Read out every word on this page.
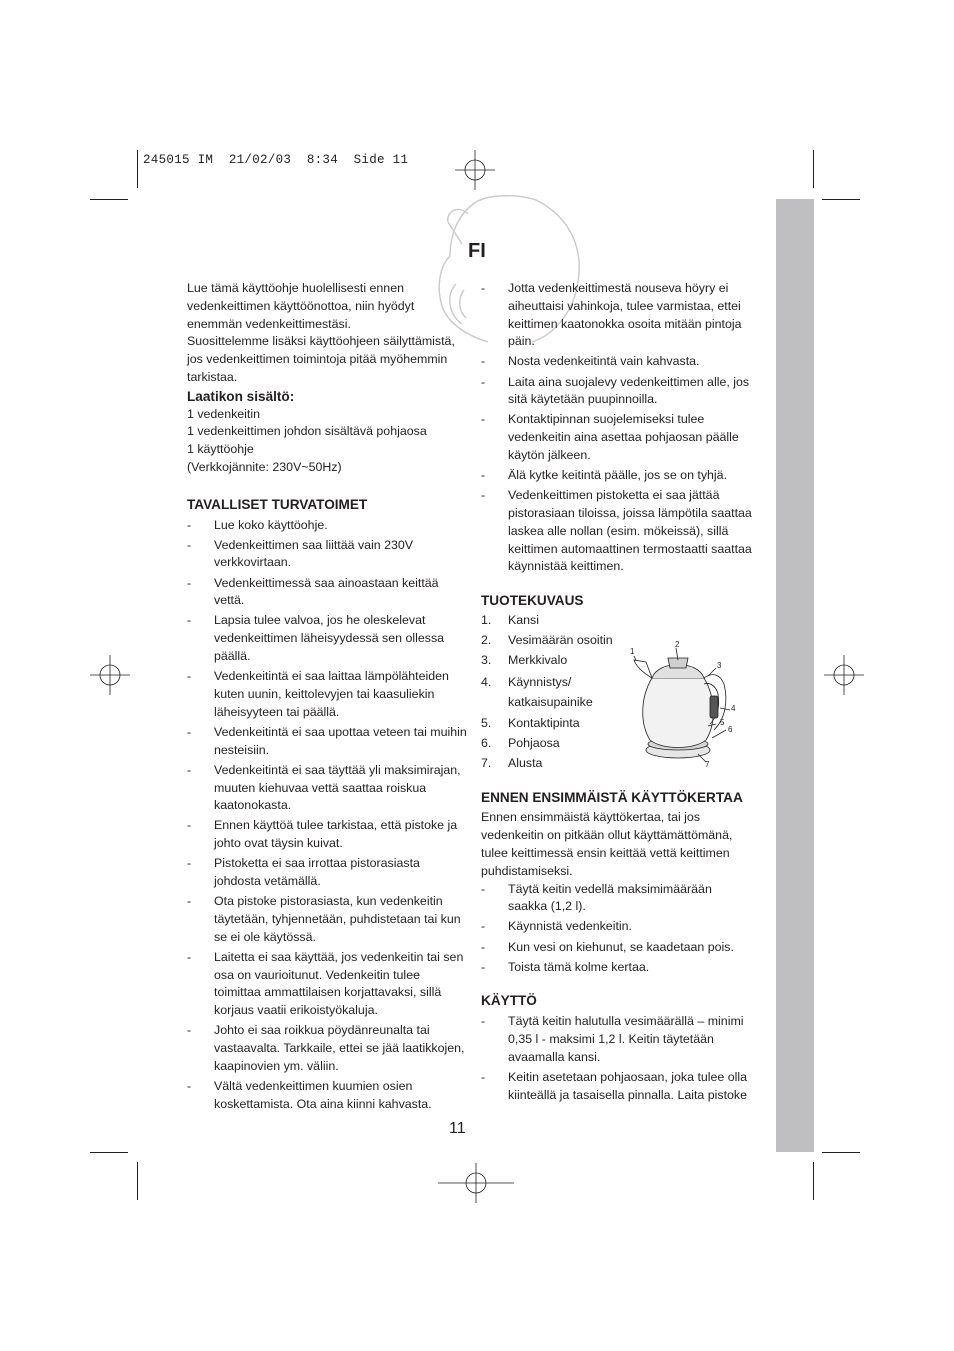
245015 IM  21/02/03  8:34  Side 11
FI

Lue tämä käyttöohje huolellisesti ennen vedenkeittimen käyttöönottoa, niin hyödyt enemmän vedenkeittimestäsi.

Suosittelemme lisäksi käyttöohjeen säilyttämistä, jos vedenkeittimen toimintoja pitää myöhemmin tarkistaa.

Laatikon sisältö:

1 vedenkeitin

1 vedenkeittimen johdon sisältävä pohjaosa

1 käyttöohje

(Verkkojännite: 230V~50Hz)

TAVALLISET TURVATOIMET

- Lue koko käyttöohje.
- Vedenkeittimen saa liittää vain 230V verkkovirtaan.
- Vedenkeittimessä saa ainoastaan keittää vettä.
- Lapsia tulee valvoa, jos he oleskelevat vedenkeittimen läheisyydessä sen ollessa päällä.
- Vedenkeitintä ei saa laittaa lämpölähteiden kuten uunin, keittolevyjen tai kaasuliekin läheisyyteen tai päällä.
- Vedenkeitintä ei saa upottaa veteen tai muihin nesteisiin.
- Vedenkeitintä ei saa täyttää yli maksimirajan, muuten kiehuvaa vettä saattaa roiskua kaatonokasta.
- Ennen käyttöä tulee tarkistaa, että pistoke ja johto ovat täysin kuivat.
- Pistoketta ei saa irrottaa pistorasiasta johdosta vetämällä.
- Ota pistoke pistorasiasta, kun vedenkeitin täytetään, tyhjennetään, puhdistetaan tai kun se ei ole käytössä.
- Laitetta ei saa käyttää, jos vedenkeitin tai sen osa on vaurioitunut. Vedenkeitin tulee toimittaa ammattilaisen korjattavaksi, sillä korjaus vaatii erikoistyökaluja.
- Johto ei saa roikkua pöydänreunalta tai vastaavalta. Tarkkaile, ettei se jää laatikkojen, kaapinovien ym. väliin.
- Vältä vedenkeittimen kuumien osien koskettamista. Ota aina kiinni kahvasta.
- Jotta vedenkeittimestä nouseva höyry ei aiheuttaisi vahinkoja, tulee varmistaa, ettei keittimen kaatonokka osoita mitään pintoja päin.
- Nosta vedenkeitintä vain kahvasta.
- Laita aina suojalevy vedenkeittimen alle, jos sitä käytetään puupinnoilla.
- Kontaktipinnan suojelemiseksi tulee vedenkeitin aina asettaa pohjaosan päälle käytön jälkeen.
- Älä kytke keitintä päälle, jos se on tyhjä.
- Vedenkeittimen pistoketta ei saa jättää pistorasiaan tiloissa, joissa lämpötila saattaa laskea alle nollan (esim. mökeissä), sillä keittimen automaattinen termostaatti saattaa käynnistää keittimen.

TUOTEKUVAUS

1. Kansi
2. Vesimäärän osoitin
3. Merkkivalo
4. Käynnistys/ katkaisupainike
5. Kontaktipinta
6. Pohjaosa
7. Alusta

ENNEN ENSIMMÄISTÄ KÄYTTÖKERTAA

Ennen ensimmäistä käyttökertaa, tai jos vedenkeitin on pitkään ollut käyttämättömänä, tulee keittimessä ensin keittää vettä keittimen puhdistamiseksi.

- Täytä keitin vedellä maksimimäärään saakka (1,2 l).
- Käynnistä vedenkeitin.
- Kun vesi on kiehunut, se kaadetaan pois.
- Toista tämä kolme kertaa.

KÄYTTÖ

- Täytä keitin halutulla vesimäärällä – minimi 0,35 l - maksimi 1,2 l. Keitin täytetään avaamalla kansi.
- Keitin asetetaan pohjaosaan, joka tulee olla kiinteällä ja tasaisella pinnalla. Laita pistoke
1
2
3
4
5
6
7
11
